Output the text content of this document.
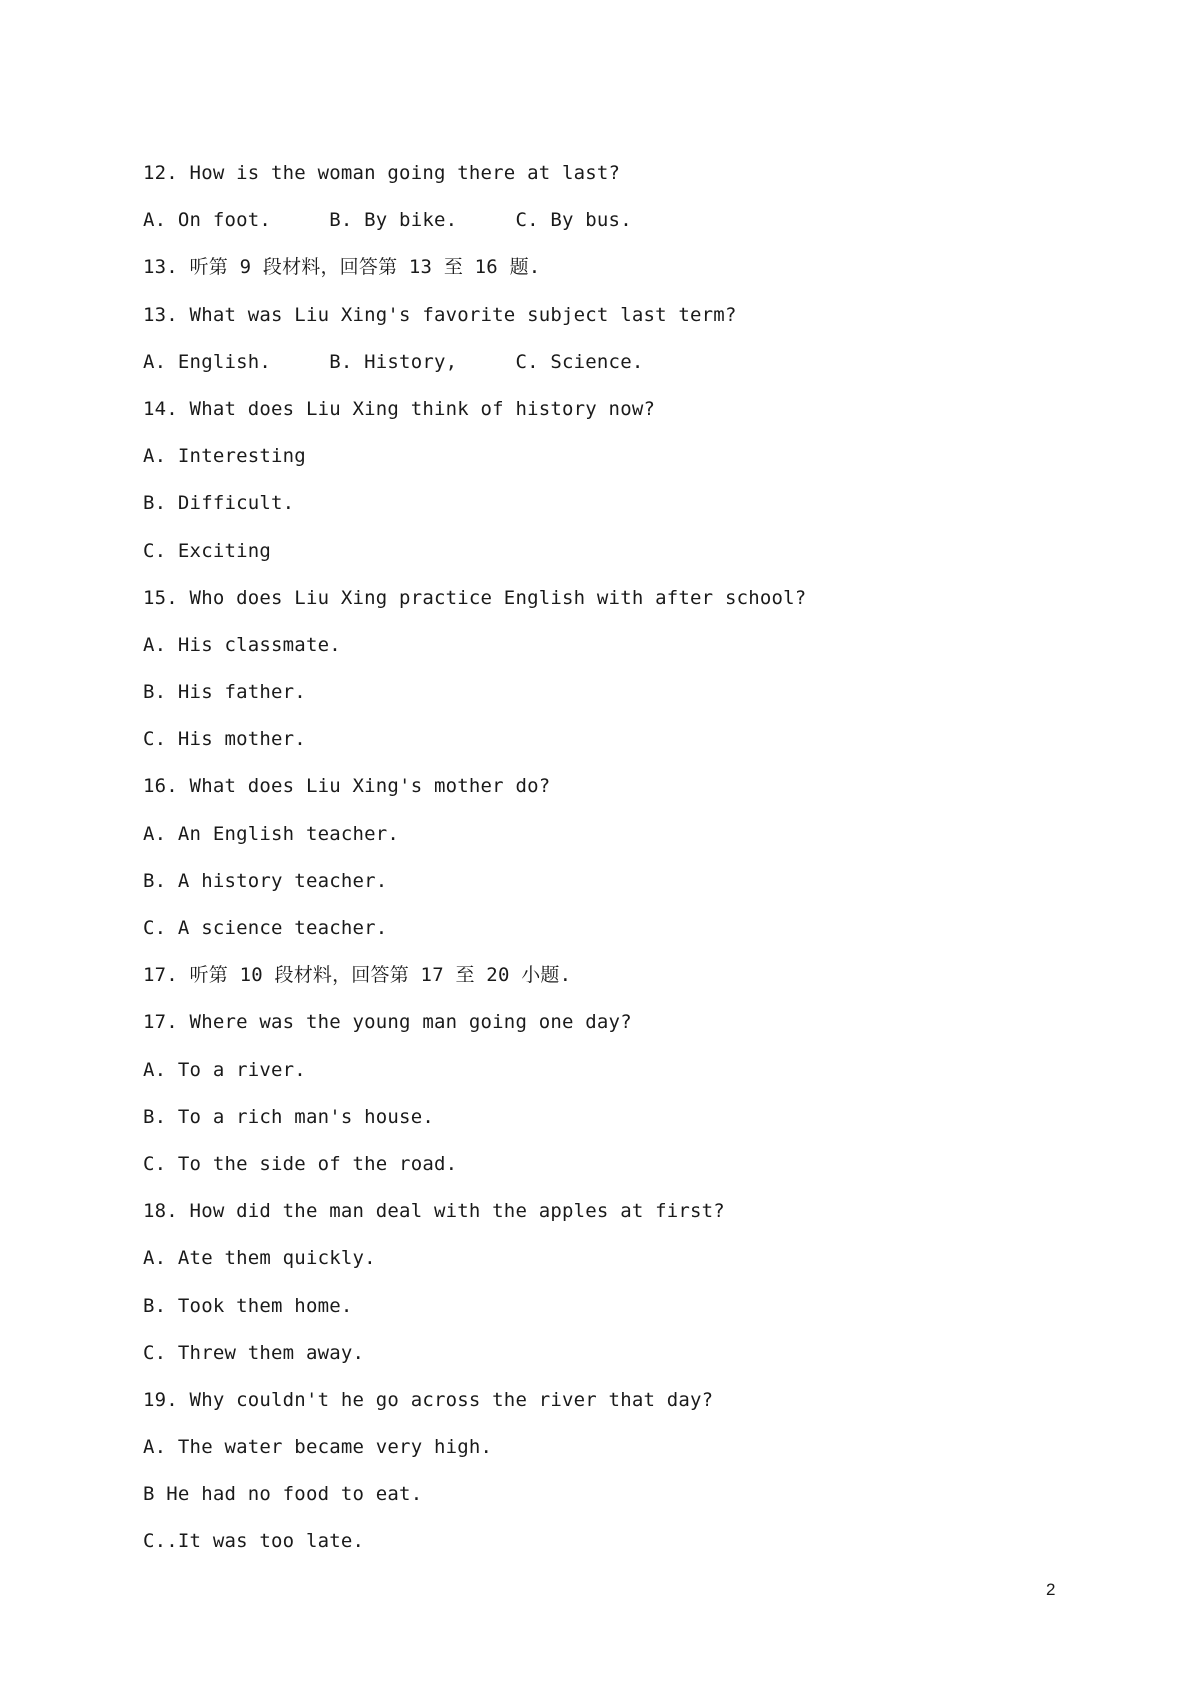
12. How is the woman going there at last?
A. On foot.     B. By bike.     C. By bus.
13. 听第 9 段材料，回答第 13 至 16 题.
13. What was Liu Xing's favorite subject last term?
A. English.     B. History,     C. Science.
14. What does Liu Xing think of history now?
A. Interesting
B. Difficult.
C. Exciting
15. Who does Liu Xing practice English with after school?
A. His classmate.
B. His father.
C. His mother.
16. What does Liu Xing's mother do?
A. An English teacher.
B. A history teacher.
C. A science teacher.
17. 听第 10 段材料，回答第 17 至 20 小题.
17. Where was the young man going one day?
A. To a river.
B. To a rich man's house.
C. To the side of the road.
18. How did the man deal with the apples at first?
A. Ate them quickly.
B. Took them home.
C. Threw them away.
19. Why couldn't he go across the river that day?
A. The water became very high.
B He had no food to eat.
C..It was too late.
2
